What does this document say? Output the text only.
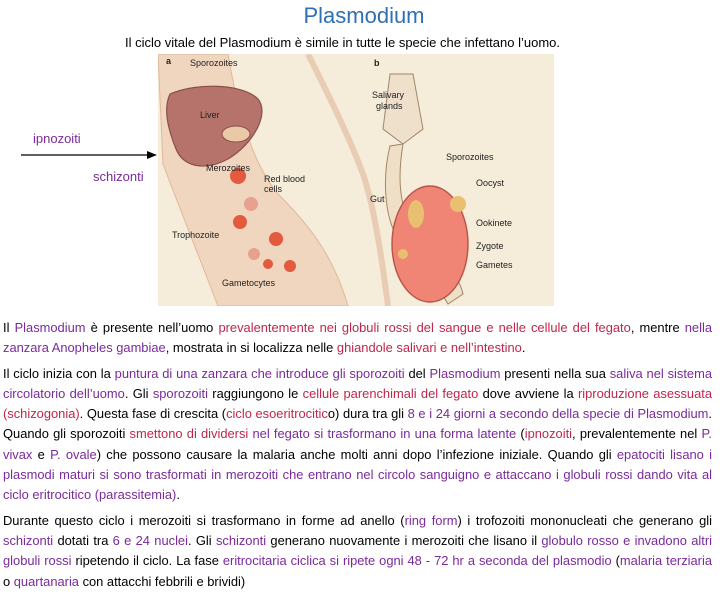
Plasmodium
Il ciclo vitale del Plasmodium è simile in tutte le specie che infettano l’uomo.
ipnozoiti
schizonti
a	b
Sporozoites
Liver
Salivary
glands
Merozoites
Red blood
cells
Sporozoites
Gut
Oocyst
Ookinete
Trophozoite
Zygote
Gametes
Gametocytes

Il Plasmodium è presente nell’uomo prevalentemente nei globuli rossi del sangue e nelle cellule del fegato, mentre nella zanzara Anopheles gambiae, mostrata in si localizza nelle ghiandole salivari e nell’intestino.

Il ciclo inizia con la puntura di una zanzara che introduce gli sporozoiti del Plasmodium presenti nella sua saliva nel sistema circolatorio dell’uomo. Gli sporozoiti raggiungono le cellule parenchimali del fegato dove avviene la riproduzione asessuata (schizogonia). Questa fase di crescita (ciclo esoeritrocitico) dura tra gli 8 e i 24 giorni a secondo della specie di Plasmodium. Quando gli sporozoiti smettono di dividersi nel fegato si trasformano in una forma latente (ipnozoiti, prevalentemente nel P. vivax e P. ovale) che possono causare la malaria anche molti anni dopo l’infezione iniziale. Quando gli epatociti lisano i plasmodi maturi si sono trasformati in merozoiti che entrano nel circolo sanguigno e attaccano i globuli rossi dando vita al ciclo eritrocitico (parassitemia).

Durante questo ciclo i merozoiti si trasformano in forme ad anello (ring form) i trofozoiti mononucleati che generano gli schizonti dotati tra 6 e 24 nuclei. Gli schizonti generano nuovamente i merozoiti che lisano il globulo rosso e invadono altri globuli rossi ripetendo il ciclo. La fase eritrocitaria ciclica si ripete ogni 48 - 72 hr a seconda del plasmodio (malaria terziaria o quartanaria con attacchi febbrili e brividi)
